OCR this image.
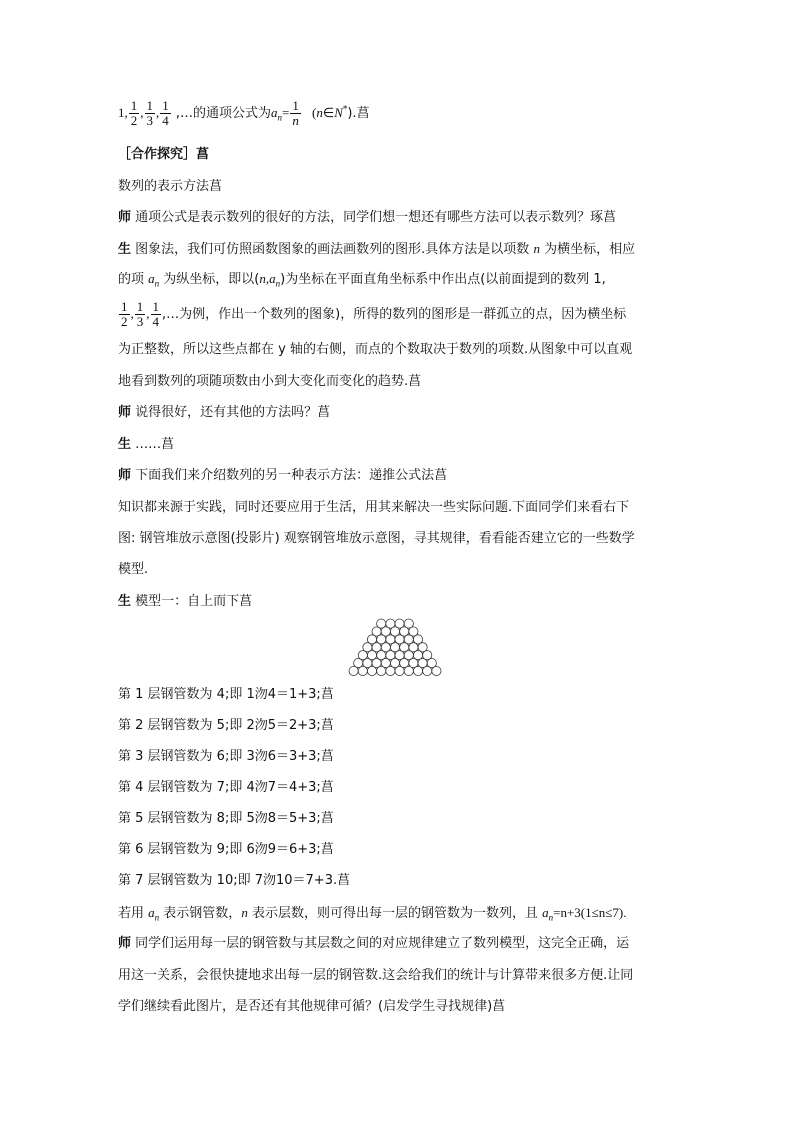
1, $\frac{1}{2}$ , $\frac{1}{3}$ , $\frac{1}{4}$ ,…的通项公式为$a_n= \frac{1}{n}$ (n∈N*).菖
［合作探究］菖
数列的表示方法菖
师 通项公式是表示数列的很好的方法，同学们想一想还有哪些方法可以表示数列？琢菖
生 图象法，我们可仿照函数图象的画法画数列的图形.具体方法是以项数 n 为横坐标，相应
的项 $a_n$ 为纵坐标，即以$(n,a_n)$为坐标在平面直角坐标系中作出点(以前面提到的数列 1,
$\frac{1}{2}$ , $\frac{1}{3}$ , $\frac{1}{4}$ ,…为例，作出一个数列的图象)，所得的数列的图形是一群孤立的点，因为横坐标
为正整数，所以这些点都在 y 轴的右侧，而点的个数取决于数列的项数.从图象中可以直观
地看到数列的项随项数由小到大变化而变化的趋势.菖
师 说得很好，还有其他的方法吗？菖
生 ……菖
师 下面我们来介绍数列的另一种表示方法：递推公式法菖
知识都来源于实践，同时还要应用于生活，用其来解决一些实际问题.下面同学们来看右下
图: 钢管堆放示意图(投影片) 观察钢管堆放示意图，寻其规律，看看能否建立它的一些数学
模型.
生 模型一：自上而下菖
第 1 层钢管数为 4;即 1沕4＝1+3;菖
第 2 层钢管数为 5;即 2沕5＝2+3;菖
第 3 层钢管数为 6;即 3沕6＝3+3;菖
第 4 层钢管数为 7;即 4沕7＝4+3;菖
第 5 层钢管数为 8;即 5沕8＝5+3;菖
第 6 层钢管数为 9;即 6沕9＝6+3;菖
第 7 层钢管数为 10;即 7沕10＝7+3.菖
若用 $a_n$ 表示钢管数，n 表示层数，则可得出每一层的钢管数为一数列，且 $a_n=n+3(1\le n\le 7)$.
师 同学们运用每一层的钢管数与其层数之间的对应规律建立了数列模型，这完全正确，运
用这一关系，会很快捷地求出每一层的钢管数.这会给我们的统计与计算带来很多方便.让同
学们继续看此图片，是否还有其他规律可循？(启发学生寻找规律)菖
